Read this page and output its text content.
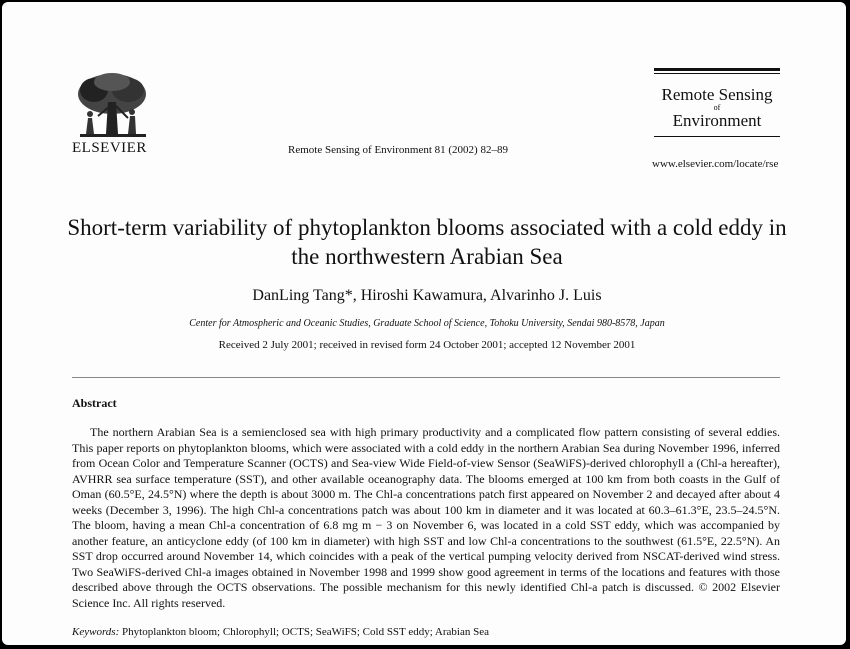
ELSEVIER	Remote Sensing of Environment 81 (2002) 82–89
Remote Sensing
of
Environment
www.elsevier.com/locate/rse
Short-term variability of phytoplankton blooms associated with a cold eddy in the northwestern Arabian Sea
DanLing Tang*, Hiroshi Kawamura, Alvarinho J. Luis
Center for Atmospheric and Oceanic Studies, Graduate School of Science, Tohoku University, Sendai 980-8578, Japan
Received 2 July 2001; received in revised form 24 October 2001; accepted 12 November 2001
Abstract
The northern Arabian Sea is a semienclosed sea with high primary productivity and a complicated flow pattern consisting of several eddies. This paper reports on phytoplankton blooms, which were associated with a cold eddy in the northern Arabian Sea during November 1996, inferred from Ocean Color and Temperature Scanner (OCTS) and Sea-view Wide Field-of-view Sensor (SeaWiFS)-derived chlorophyll a (Chl-a hereafter), AVHRR sea surface temperature (SST), and other available oceanography data. The blooms emerged at 100 km from both coasts in the Gulf of Oman (60.5°E, 24.5°N) where the depth is about 3000 m. The Chl-a concentrations patch first appeared on November 2 and decayed after about 4 weeks (December 3, 1996). The high Chl-a concentrations patch was about 100 km in diameter and it was located at 60.3–61.3°E, 23.5–24.5°N. The bloom, having a mean Chl-a concentration of 6.8 mg m − 3 on November 6, was located in a cold SST eddy, which was accompanied by another feature, an anticyclone eddy (of 100 km in diameter) with high SST and low Chl-a concentrations to the southwest (61.5°E, 22.5°N). An SST drop occurred around November 14, which coincides with a peak of the vertical pumping velocity derived from NSCAT-derived wind stress. Two SeaWiFS-derived Chl-a images obtained in November 1998 and 1999 show good agreement in terms of the locations and features with those described above through the OCTS observations. The possible mechanism for this newly identified Chl-a patch is discussed. © 2002 Elsevier Science Inc. All rights reserved.
Keywords: Phytoplankton bloom; Chlorophyll; OCTS; SeaWiFS; Cold SST eddy; Arabian Sea
